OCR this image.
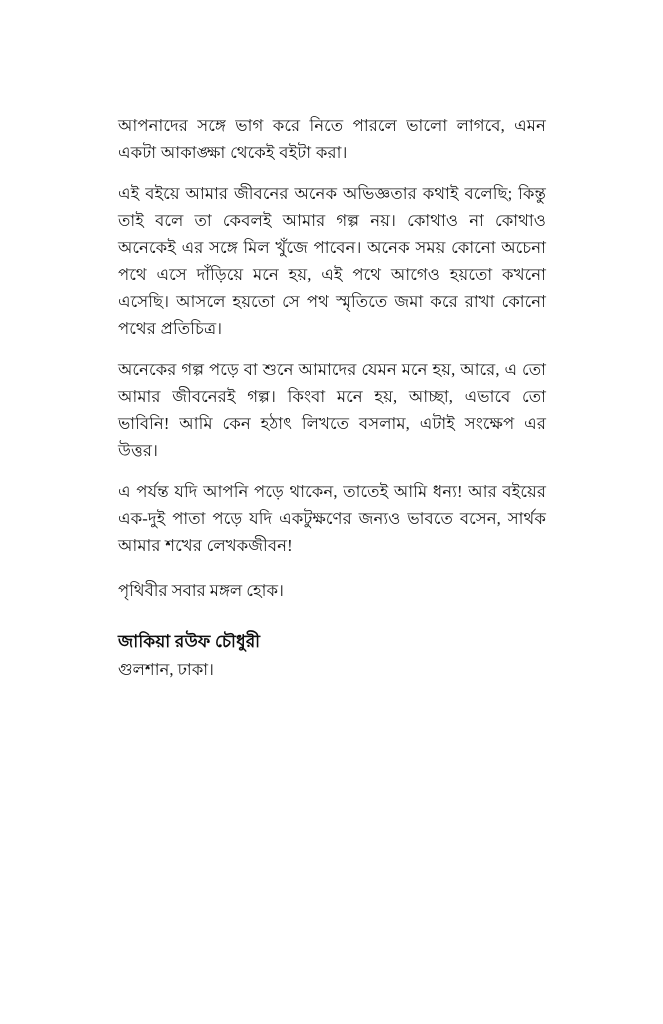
আপনাদের সঙ্গে ভাগ করে নিতে পারলে ভালো লাগবে, এমন একটা আকাঙ্ক্ষা থেকেই বইটা করা।

এই বইয়ে আমার জীবনের অনেক অভিজ্ঞতার কথাই বলেছি; কিন্তু তাই বলে তা কেবলই আমার গল্প নয়। কোথাও না কোথাও অনেকেই এর সঙ্গে মিল খুঁজে পাবেন। অনেক সময় কোনো অচেনা পথে এসে দাঁড়িয়ে মনে হয়, এই পথে আগেও হয়তো কখনো এসেছি। আসলে হয়তো সে পথ স্মৃতিতে জমা করে রাখা কোনো পথের প্রতিচিত্র।

অনেকের গল্প পড়ে বা শুনে আমাদের যেমন মনে হয়, আরে, এ তো আমার জীবনেরই গল্প। কিংবা মনে হয়, আচ্ছা, এভাবে তো ভাবিনি! আমি কেন হঠাৎ লিখতে বসলাম, এটাই সংক্ষেপ এর উত্তর।

এ পর্যন্ত যদি আপনি পড়ে থাকেন, তাতেই আমি ধন্য! আর বইয়ের এক-দুই পাতা পড়ে যদি একটুক্ষণের জন্যও ভাবতে বসেন, সার্থক আমার শখের লেখকজীবন!

পৃথিবীর সবার মঙ্গল হোক।

জাকিয়া রউফ চৌধুরী

গুলশান, ঢাকা।
